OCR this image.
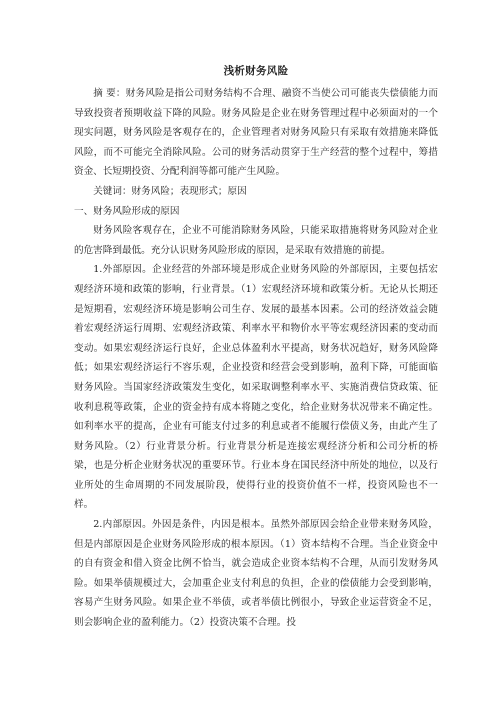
浅析财务风险

摘 要：财务风险是指公司财务结构不合理、融资不当使公司可能丧失偿债能力而导致投资者预期收益下降的风险。财务风险是企业在财务管理过程中必须面对的一个现实问题，财务风险是客观存在的，企业管理者对财务风险只有采取有效措施来降低风险，而不可能完全消除风险。公司的财务活动贯穿于生产经营的整个过程中，筹措资金、长短期投资、分配利润等都可能产生风险。

关键词：财务风险；表现形式；原因

一、财务风险形成的原因

财务风险客观存在，企业不可能消除财务风险，只能采取措施将财务风险对企业的危害降到最低。充分认识财务风险形成的原因，是采取有效措施的前提。

1.外部原因。企业经营的外部环境是形成企业财务风险的外部原因，主要包括宏观经济环境和政策的影响，行业背景。（1）宏观经济环境和政策分析。无论从长期还是短期看，宏观经济环境是影响公司生存、发展的最基本因素。公司的经济效益会随着宏观经济运行周期、宏观经济政策、利率水平和物价水平等宏观经济因素的变动而变动。如果宏观经济运行良好，企业总体盈利水平提高，财务状况趋好，财务风险降低；如果宏观经济运行不容乐观，企业投资和经营会受到影响，盈利下降，可能面临财务风险。当国家经济政策发生变化，如采取调整利率水平、实施消费信贷政策、征收利息税等政策，企业的资金持有成本将随之变化，给企业财务状况带来不确定性。如利率水平的提高，企业有可能支付过多的利息或者不能履行偿债义务，由此产生了财务风险。（2）行业背景分析。行业背景分析是连接宏观经济分析和公司分析的桥梁，也是分析企业财务状况的重要环节。行业本身在国民经济中所处的地位，以及行业所处的生命周期的不同发展阶段，使得行业的投资价值不一样，投资风险也不一样。

2.内部原因。外因是条件，内因是根本。虽然外部原因会给企业带来财务风险，但是内部原因是企业财务风险形成的根本原因。（1）资本结构不合理。当企业资金中的自有资金和借入资金比例不恰当，就会造成企业资本结构不合理，从而引发财务风险。如果举债规模过大，会加重企业支付利息的负担，企业的偿债能力会受到影响，容易产生财务风险。如果企业不举债，或者举债比例很小，导致企业运营资金不足，则会影响企业的盈利能力。（2）投资决策不合理。投
